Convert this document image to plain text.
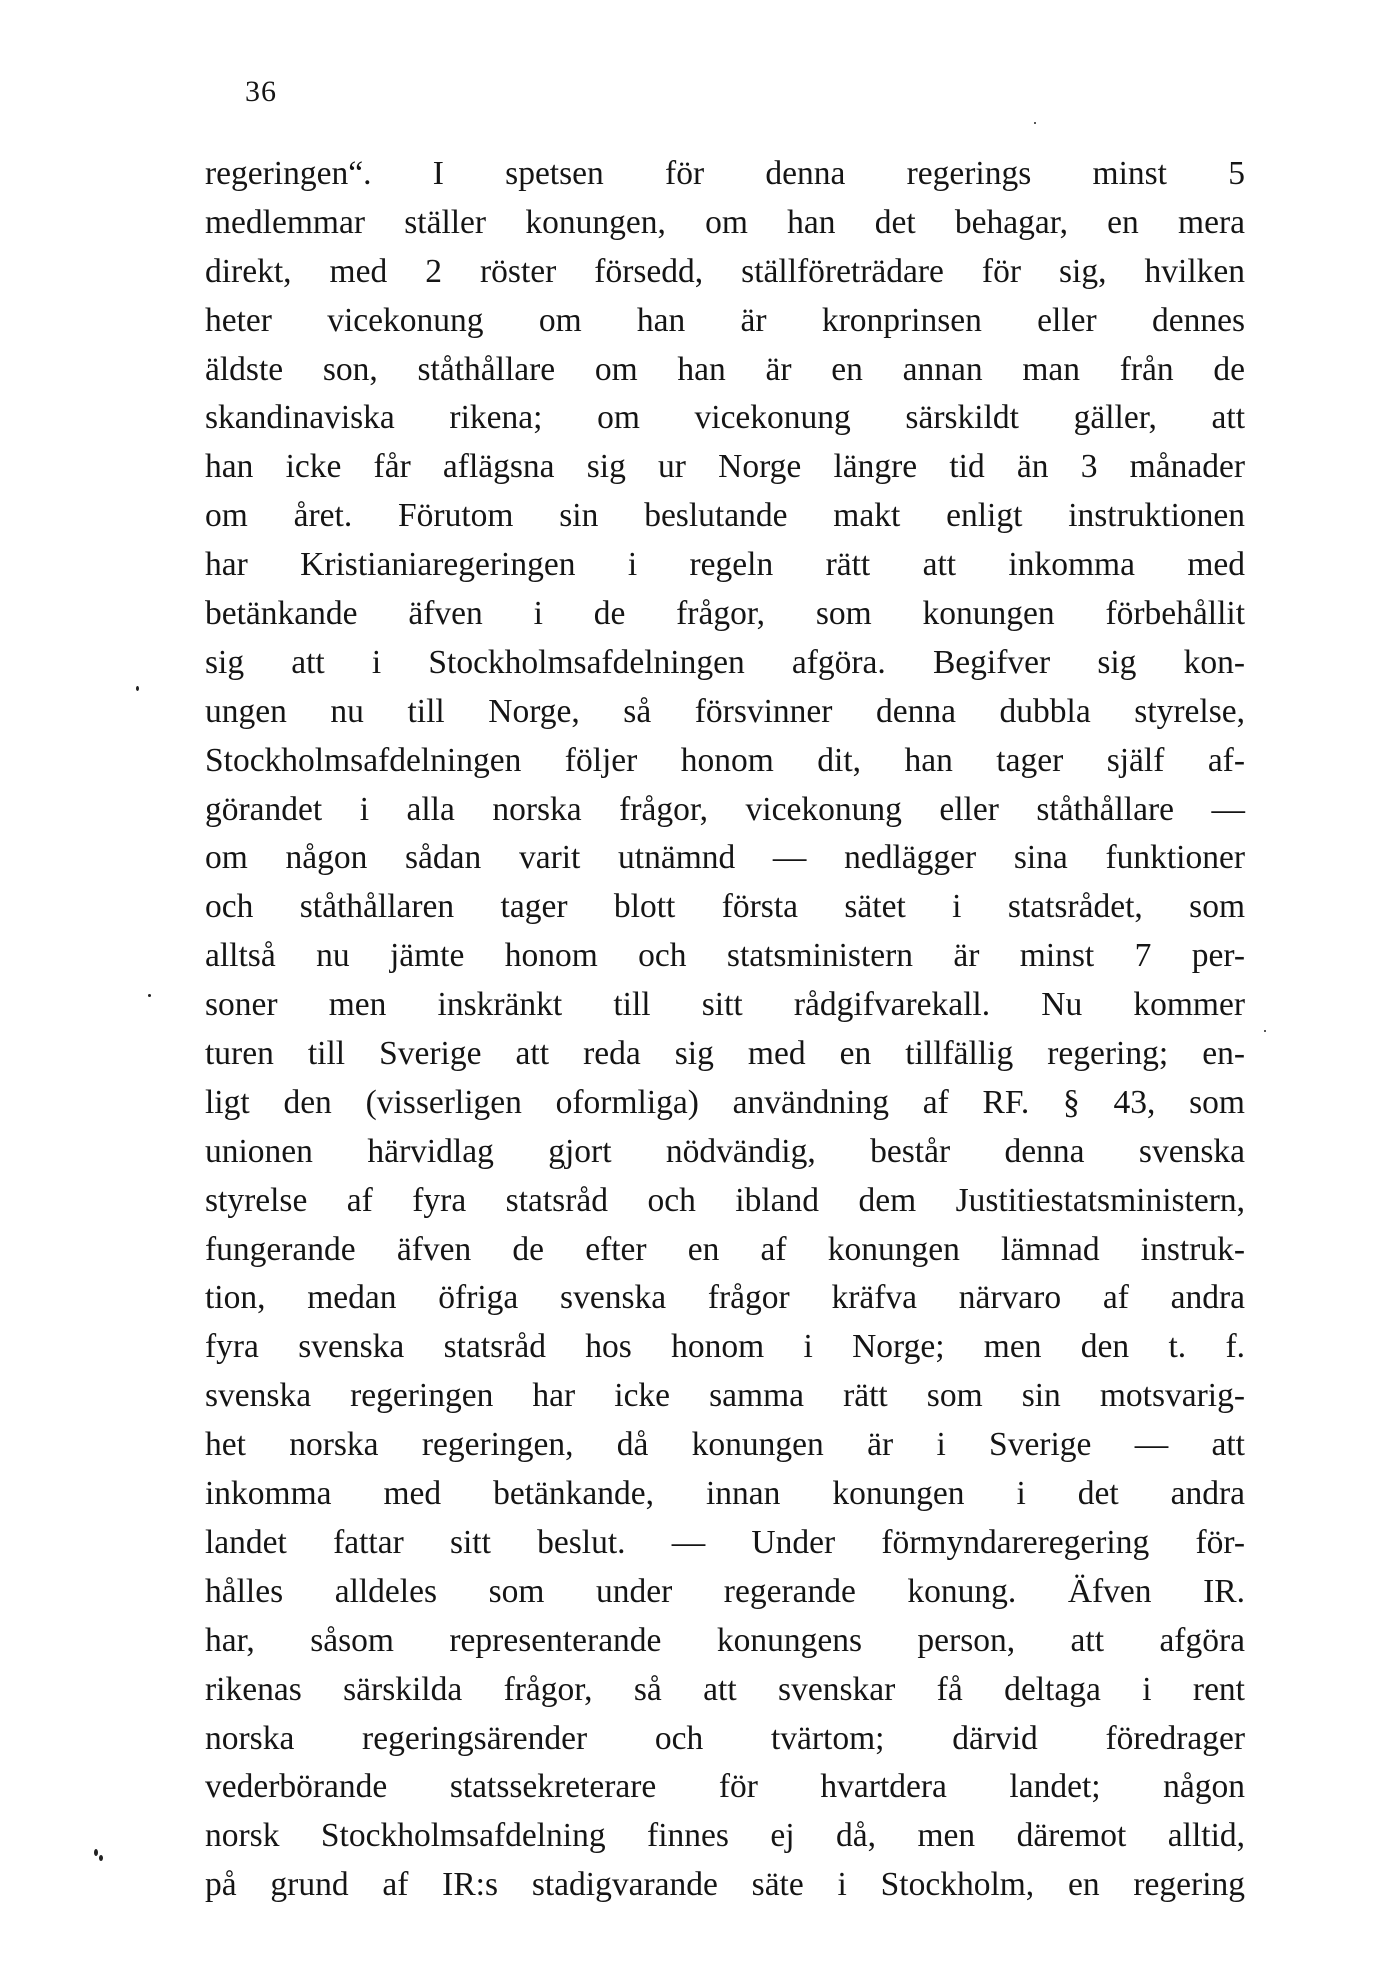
36
regeringen“. I spetsen för denna regerings minst 5
medlemmar ställer konungen, om han det behagar, en mera
direkt, med 2 röster försedd, ställföreträdare för sig, hvilken
heter vicekonung om han är kronprinsen eller dennes
äldste son, ståthållare om han är en annan man från de
skandinaviska rikena; om vicekonung särskildt gäller, att
han icke får aflägsna sig ur Norge längre tid än 3 månader
om året. Förutom sin beslutande makt enligt instruktionen
har Kristianiaregeringen i regeln rätt att inkomma med
betänkande äfven i de frågor, som konungen förbehållit
sig att i Stockholmsafdelningen afgöra. Begifver sig kon-
ungen nu till Norge, så försvinner denna dubbla styrelse,
Stockholmsafdelningen följer honom dit, han tager själf af-
görandet i alla norska frågor, vicekonung eller ståthållare —
om någon sådan varit utnämnd — nedlägger sina funktioner
och ståthållaren tager blott första sätet i statsrådet, som
alltså nu jämte honom och statsministern är minst 7 per-
soner men inskränkt till sitt rådgifvarekall. Nu kommer
turen till Sverige att reda sig med en tillfällig regering; en-
ligt den (visserligen oformliga) användning af RF. § 43, som
unionen härvidlag gjort nödvändig, består denna svenska
styrelse af fyra statsråd och ibland dem Justitiestatsministern,
fungerande äfven de efter en af konungen lämnad instruk-
tion, medan öfriga svenska frågor kräfva närvaro af andra
fyra svenska statsråd hos honom i Norge; men den t. f.
svenska regeringen har icke samma rätt som sin motsvarig-
het norska regeringen, då konungen är i Sverige — att
inkomma med betänkande, innan konungen i det andra
landet fattar sitt beslut. — Under förmyndareregering för-
hålles alldeles som under regerande konung. Äfven IR.
har, såsom representerande konungens person, att afgöra
rikenas särskilda frågor, så att svenskar få deltaga i rent
norska regeringsärender och tvärtom; därvid föredrager
vederbörande statssekreterare för hvartdera landet; någon
norsk Stockholmsafdelning finnes ej då, men däremot alltid,
på grund af IR:s stadigvarande säte i Stockholm, en regering
